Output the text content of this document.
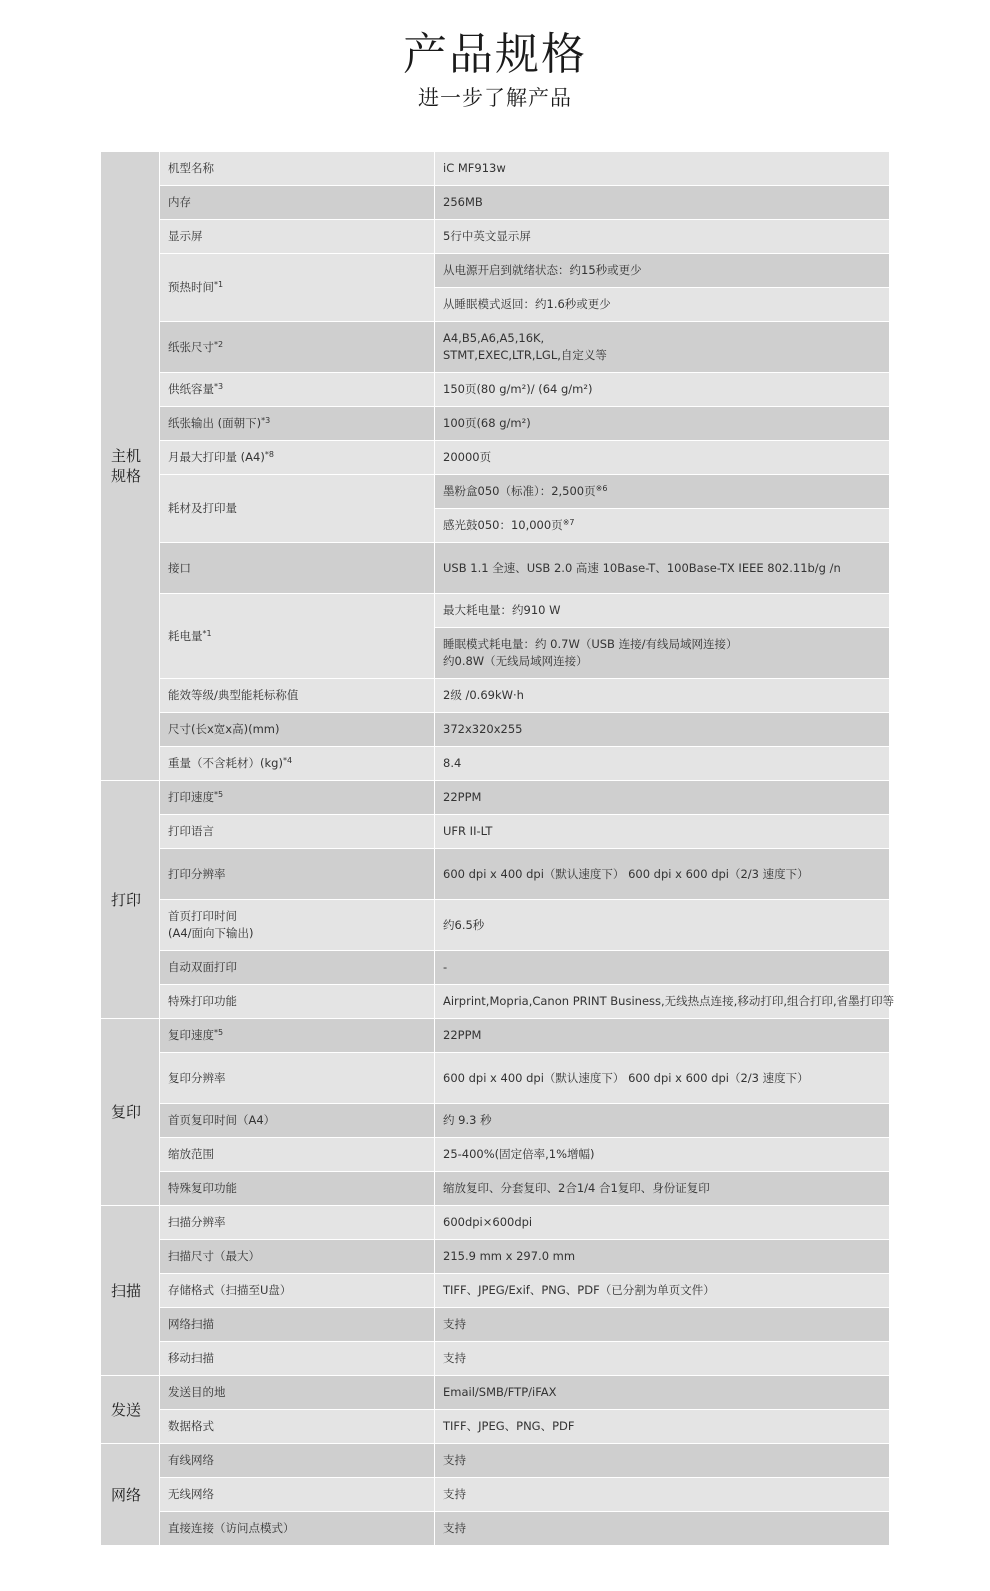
产品规格
进一步了解产品
主机规格	机型名称	iC MF913w
	内存	256MB
	显示屏	5行中英文显示屏
	预热时间$^{*1}$	从电源开启到就绪状态：约15秒或更少
		从睡眠模式返回：约1.6秒或更少
	纸张尺寸$^{*2}$	A4,B5,A6,A5,16K,
STMT,EXEC,LTR,LGL,自定义等
	供纸容量$^{*3}$	150页(80 g/m²)/ (64 g/m²)
	纸张输出 (面朝下)$^{*3}$	100页(68 g/m²)
	月最大打印量 $(A4)^{*8}$	20000页
	耗材及打印量	墨粉盒050（标准）：2,500页$^{※6}$
		感光鼓050：10,000页$^{※7}$
	接口	USB 1.1 全速、USB 2.0 高速 10Base-T、100Base-TX IEEE 802.11b/g /n
	耗电量$^{*1}$	最大耗电量：约910 W
		睡眠模式耗电量：约 0.7W（USB 连接/有线局域网连接）
约0.8W（无线局域网连接）
	能效等级/典型能耗标称值	2级 /0.69kW·h
	尺寸(长x宽x高)(mm)	372x320x255
	重量（不含耗材）(kg)$^{*4}$	8.4
打印	打印速度$^{*5}$	22PPM
	打印语言	UFR II-LT
	打印分辨率	600 dpi x 400 dpi（默认速度下） 600 dpi x 600 dpi（2/3 速度下）
	首页打印时间
(A4/面向下输出)	约6.5秒
	自动双面打印	-
	特殊打印功能	Airprint,Mopria,Canon PRINT Business,无线热点连接,移动打印,组合打印,省墨打印等
复印	复印速度$^{*5}$	22PPM
	复印分辨率	600 dpi x 400 dpi（默认速度下） 600 dpi x 600 dpi（2/3 速度下）
	首页复印时间（A4）	约 9.3 秒
	缩放范围	25-400%(固定倍率,1%增幅)
	特殊复印功能	缩放复印、分套复印、2合1/4 合1复印、身份证复印
扫描	扫描分辨率	600dpi×600dpi
	扫描尺寸（最大）	215.9 mm x 297.0 mm
	存储格式（扫描至U盘）	TIFF、JPEG/Exif、PNG、PDF（已分割为单页文件）
	网络扫描	支持
	移动扫描	支持
发送	发送目的地	Email/SMB/FTP/iFAX
	数据格式	TIFF、JPEG、PNG、PDF
网络	有线网络	支持
	无线网络	支持
	直接连接（访问点模式）	支持
